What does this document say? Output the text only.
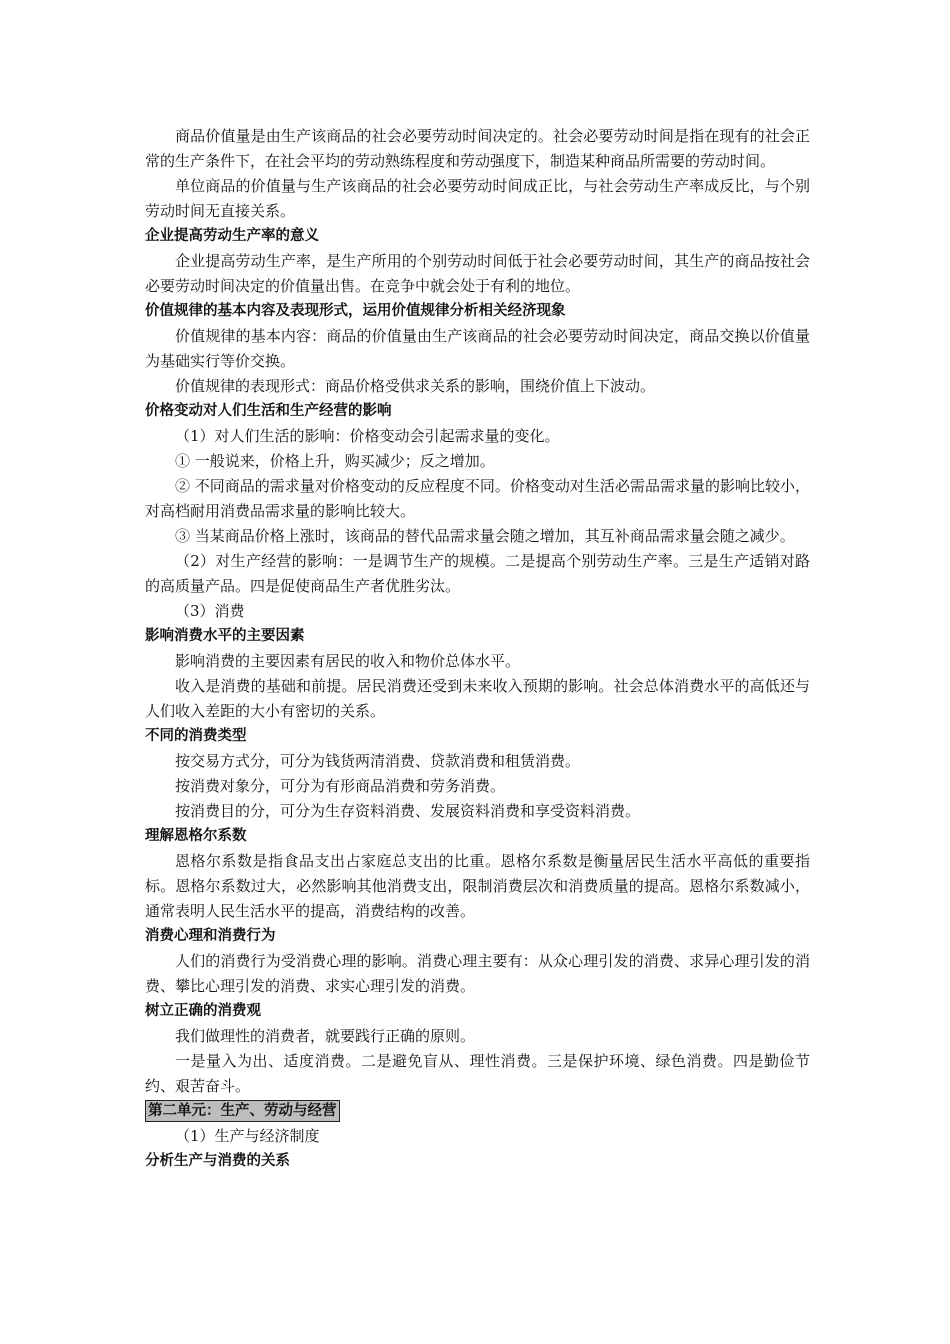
商品价值量是由生产该商品的社会必要劳动时间决定的。社会必要劳动时间是指在现有的社会正常的生产条件下，在社会平均的劳动熟练程度和劳动强度下，制造某种商品所需要的劳动时间。

单位商品的价值量与生产该商品的社会必要劳动时间成正比，与社会劳动生产率成反比，与个别劳动时间无直接关系。

企业提高劳动生产率的意义

企业提高劳动生产率，是生产所用的个别劳动时间低于社会必要劳动时间，其生产的商品按社会必要劳动时间决定的价值量出售。在竞争中就会处于有利的地位。

价值规律的基本内容及表现形式，运用价值规律分析相关经济现象

价值规律的基本内容：商品的价值量由生产该商品的社会必要劳动时间决定，商品交换以价值量为基础实行等价交换。

价值规律的表现形式：商品价格受供求关系的影响，围绕价值上下波动。

价格变动对人们生活和生产经营的影响

（1）对人们生活的影响：价格变动会引起需求量的变化。

① 一般说来，价格上升，购买减少；反之增加。

② 不同商品的需求量对价格变动的反应程度不同。价格变动对生活必需品需求量的影响比较小，对高档耐用消费品需求量的影响比较大。

③ 当某商品价格上涨时，该商品的替代品需求量会随之增加，其互补商品需求量会随之减少。

（2）对生产经营的影响：一是调节生产的规模。二是提高个别劳动生产率。三是生产适销对路的高质量产品。四是促使商品生产者优胜劣汰。

（3）消费

影响消费水平的主要因素

影响消费的主要因素有居民的收入和物价总体水平。

收入是消费的基础和前提。居民消费还受到未来收入预期的影响。社会总体消费水平的高低还与人们收入差距的大小有密切的关系。

不同的消费类型

按交易方式分，可分为钱货两清消费、贷款消费和租赁消费。

按消费对象分，可分为有形商品消费和劳务消费。

按消费目的分，可分为生存资料消费、发展资料消费和享受资料消费。

理解恩格尔系数

恩格尔系数是指食品支出占家庭总支出的比重。恩格尔系数是衡量居民生活水平高低的重要指标。恩格尔系数过大，必然影响其他消费支出，限制消费层次和消费质量的提高。恩格尔系数减小，通常表明人民生活水平的提高，消费结构的改善。

消费心理和消费行为

人们的消费行为受消费心理的影响。消费心理主要有：从众心理引发的消费、求异心理引发的消费、攀比心理引发的消费、求实心理引发的消费。

树立正确的消费观

我们做理性的消费者，就要践行正确的原则。

一是量入为出、适度消费。二是避免盲从、理性消费。三是保护环境、绿色消费。四是勤俭节约、艰苦奋斗。

第二单元：生产、劳动与经营

（1）生产与经济制度

分析生产与消费的关系
